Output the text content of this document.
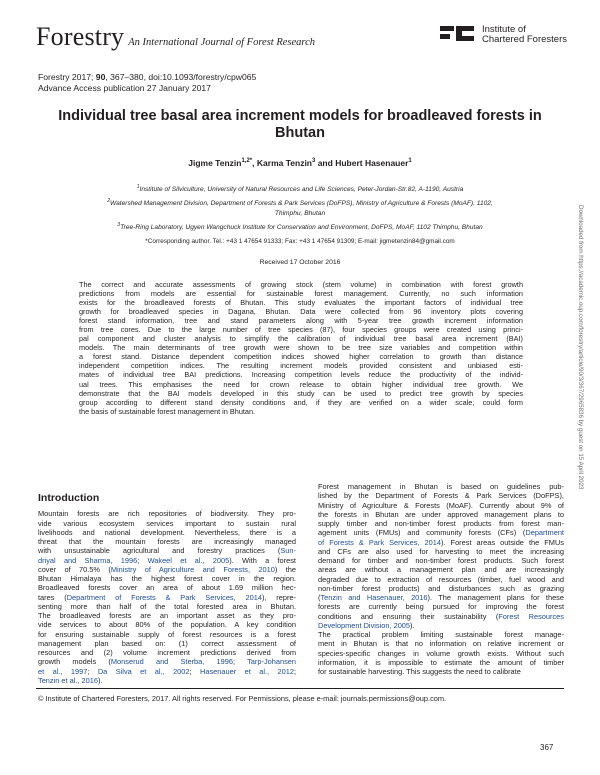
Forestry An International Journal of Forest Research
Institute of
Chartered Foresters
Forestry 2017; 90, 367–380, doi:10.1093/forestry/cpw065
Advance Access publication 27 January 2017
Individual tree basal area increment models for broadleaved forests in Bhutan
Jigme Tenzin$^{1,2*}$, Karma Tenzin$^3$ and Hubert Hasenauer$^1$
$^1$Institute of Silviculture, University of Natural Resources and Life Sciences, Peter-Jordan-Str.82, A-1190, Austria
$^2$Watershed Management Division, Department of Forests & Park Services (DoFPS), Ministry of Agriculture & Forests (MoAF), 1102,
Thimphu, Bhutan
$^3$Tree-Ring Laboratory, Ugyen Wangchuck Institute for Conservation and Environment, DoFPS, MoAF, 1102 Thimphu, Bhutan
*Corresponding author. Tel.: +43 1 47654 91333; Fax: +43 1 47654 91309; E-mail: jigmetenzin84@gmail.com
Received 17 October 2016
The correct and accurate assessments of growing stock (stem volume) in combination with forest growth
predictions from models are essential for sustainable forest management. Currently, no such information
exists for the broadleaved forests of Bhutan. This study evaluates the important factors of individual tree
growth for broadleaved species in Dagana, Bhutan. Data were collected from 96 inventory plots covering
forest stand information, tree and stand parameters along with 5-year tree growth increment information
from tree cores. Due to the large number of tree species (87), four species groups were created using princi-
pal component and cluster analysis to simplify the calibration of individual tree basal area increment (BAI)
models. The main determinants of tree growth were shown to be tree size variables and competition within
a forest stand. Distance dependent competition indices showed higher correlation to growth than distance
independent competition indices. The resulting increment models provided consistent and unbiased esti-
mates of individual tree BAI predictions. Increasing competition levels reduce the productivity of the individ-
ual trees. This emphasises the need for crown release to obtain higher individual tree growth. We
demonstrate that the BAI models developed in this study can be used to predict tree growth by species
group according to different stand density conditions and, if they are verified on a wider scale, could form
the basis of sustainable forest management in Bhutan.
Introduction
Mountain forests are rich repositories of biodiversity. They pro-
vide various ecosystem services important to sustain rural
livelihoods and national development. Nevertheless, there is a
threat that the mountain forests are increasingly managed
with unsustainable agricultural and forestry practices (Sun-
driyal and Sharma, 1996; Wakeel et al., 2005). With a forest
cover of 70.5% (Ministry of Agriculture and Forests, 2010) the
Bhutan Himalaya has the highest forest cover in the region.
Broadleaved forests cover an area of about 1.69 million hec-
tares (Department of Forests & Park Services, 2014), repre-
senting more than half of the total forested area in Bhutan.
The broadleaved forests are an important asset as they pro-
vide services to about 80% of the population. A key condition
for ensuring sustainable supply of forest resources is a forest
management plan based on: (1) correct assessment of
resources and (2) volume increment predictions derived from
growth models (Monserud and Sterba, 1996; Tarp-Johansen
et al., 1997; Da Silva et al., 2002; Hasenauer et al., 2012;
Tenzin et al., 2016).
Forest management in Bhutan is based on guidelines pub-
lished by the Department of Forests & Park Services (DoFPS),
Ministry of Agriculture & Forests (MoAF). Currently about 9% of
the forests in Bhutan are under approved management plans to
supply timber and non-timber forest products from forest man-
agement units (FMUs) and community forests (CFs) (Department
of Forests & Park Services, 2014). Forest areas outside the FMUs
and CFs are also used for harvesting to meet the increasing
demand for timber and non-timber forest products. Such forest
areas are without a management plan and are increasingly
degraded due to extraction of resources (timber, fuel wood and
non-timber forest products) and disturbances such as grazing
(Tenzin and Hasenauer, 2016). The management plans for these
forests are currently being pursued for improving the forest
conditions and ensuring their sustainability (Forest Resources
Development Division, 2005).
The practical problem limiting sustainable forest manage-
ment in Bhutan is that no information on relative increment or
species-specific changes in volume growth exists. Without such
information, it is impossible to estimate the amount of timber
for sustainable harvesting. This suggests the need to calibrate
© Institute of Chartered Foresters, 2017. All rights reserved. For Permissions, please e-mail: journals.permissions@oup.com.
367
Downloaded from https://academic.oup.com/forestry/article/90/3/367/2965836 by guest on 15 April 2023
